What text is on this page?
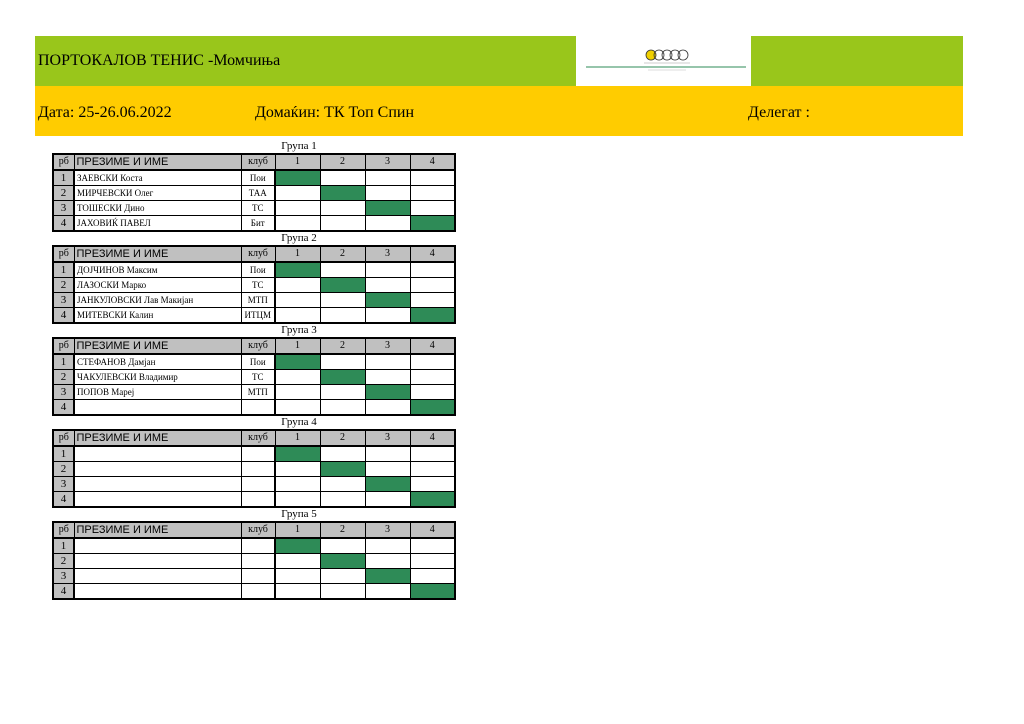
ПОРТОКАЛОВ ТЕНИС -Момчиња
Дата: 25-26.06.2022	Домаќин: ТК Топ Спин	Делегат :
Група 1
рб	ПРЕЗИМЕ И ИМЕ	клуб	1	2	3	4
1	ЗАЕВСКИ Коста	Пои				
2	МИРЧЕВСКИ Олег	ТАА				
3	ТОШЕСКИ Дино	ТС				
4	ЈАХОВИЌ ПАВЕЛ	Бит				
Група 2
рб	ПРЕЗИМЕ И ИМЕ	клуб	1	2	3	4
1	ДОЈЧИНОВ Максим	Пои				
2	ЛАЗОСКИ Марко	ТС				
3	ЈАНКУЛОВСКИ Лав Макијан	МТП				
4	МИТЕВСКИ Калин	ИТЦМ				
Група 3
рб	ПРЕЗИМЕ И ИМЕ	клуб	1	2	3	4
1	СТЕФАНОВ Дамјан	Пои				
2	ЧАКУЛЕВСКИ Владимир	ТС				
3	ПОПОВ Мареј	МТП				
4						
Група 4
рб	ПРЕЗИМЕ И ИМЕ	клуб	1	2	3	4
1						
2						
3						
4						
Група 5
рб	ПРЕЗИМЕ И ИМЕ	клуб	1	2	3	4
1						
2						
3						
4						
